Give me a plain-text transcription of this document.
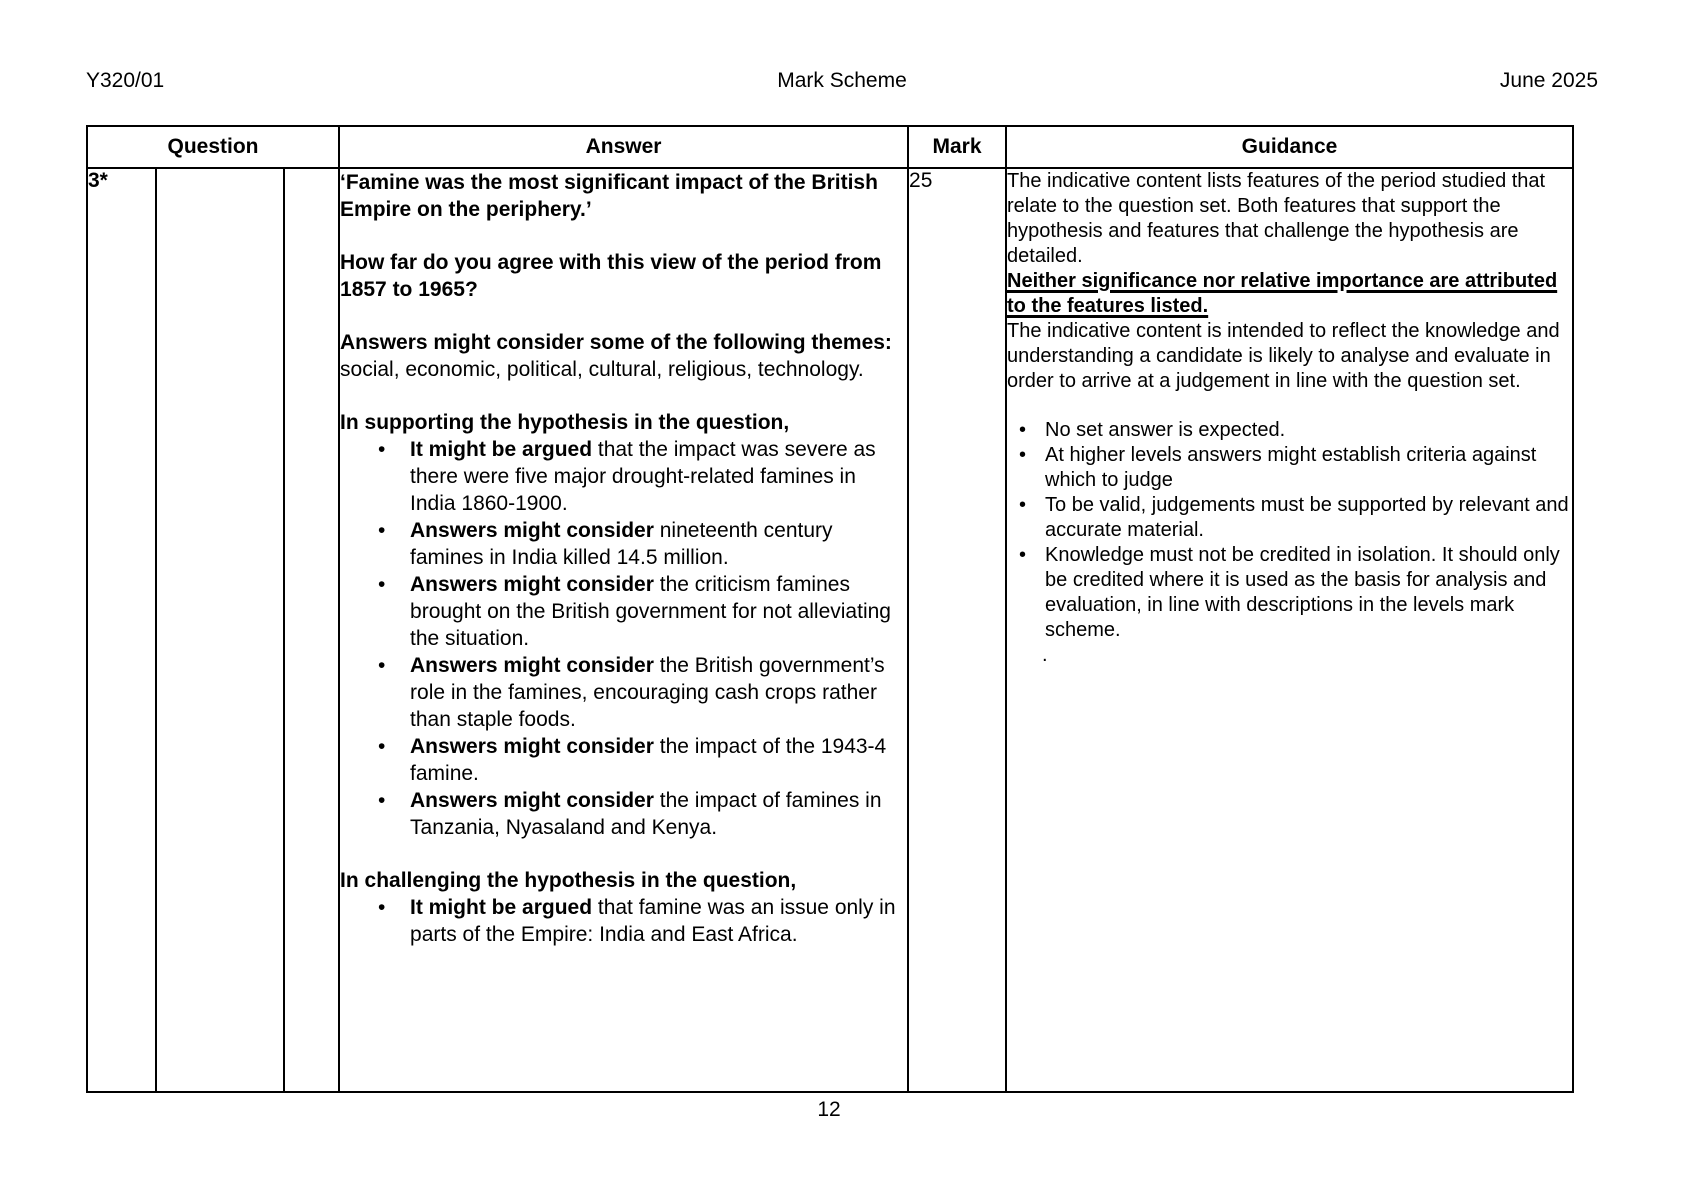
Y320/01	Mark Scheme	June 2025
Question			Answer	Mark	Guidance
3*			‘Famine was the most significant impact of the British Empire on the periphery.’
How far do you agree with this view of the period from 1857 to 1965?
Answers might consider some of the following themes: social, economic, political, cultural, religious, technology.
In supporting the hypothesis in the question,
•	It might be argued that the impact was severe as there were five major drought-related famines in India 1860-1900.
•	Answers might consider nineteenth century famines in India killed 14.5 million.
•	Answers might consider the criticism famines brought on the British government for not alleviating the situation.
•	Answers might consider the British government’s role in the famines, encouraging cash crops rather than staple foods.
•	Answers might consider the impact of the 1943-4 famine.
•	Answers might consider the impact of famines in Tanzania, Nyasaland and Kenya.
In challenging the hypothesis in the question,
•	It might be argued that famine was an issue only in parts of the Empire: India and East Africa.
	25	The indicative content lists features of the period studied that relate to the question set. Both features that support the hypothesis and features that challenge the hypothesis are detailed.
Neither significance nor relative importance are attributed to the features listed.
The indicative content is intended to reflect the knowledge and understanding a candidate is likely to analyse and evaluate in order to arrive at a judgement in line with the question set.
• No set answer is expected.
• At higher levels answers might establish criteria against which to judge
• To be valid, judgements must be supported by relevant and accurate material.
• Knowledge must not be credited in isolation. It should only be credited where it is used as the basis for analysis and evaluation, in line with descriptions in the levels mark scheme.
.
12
